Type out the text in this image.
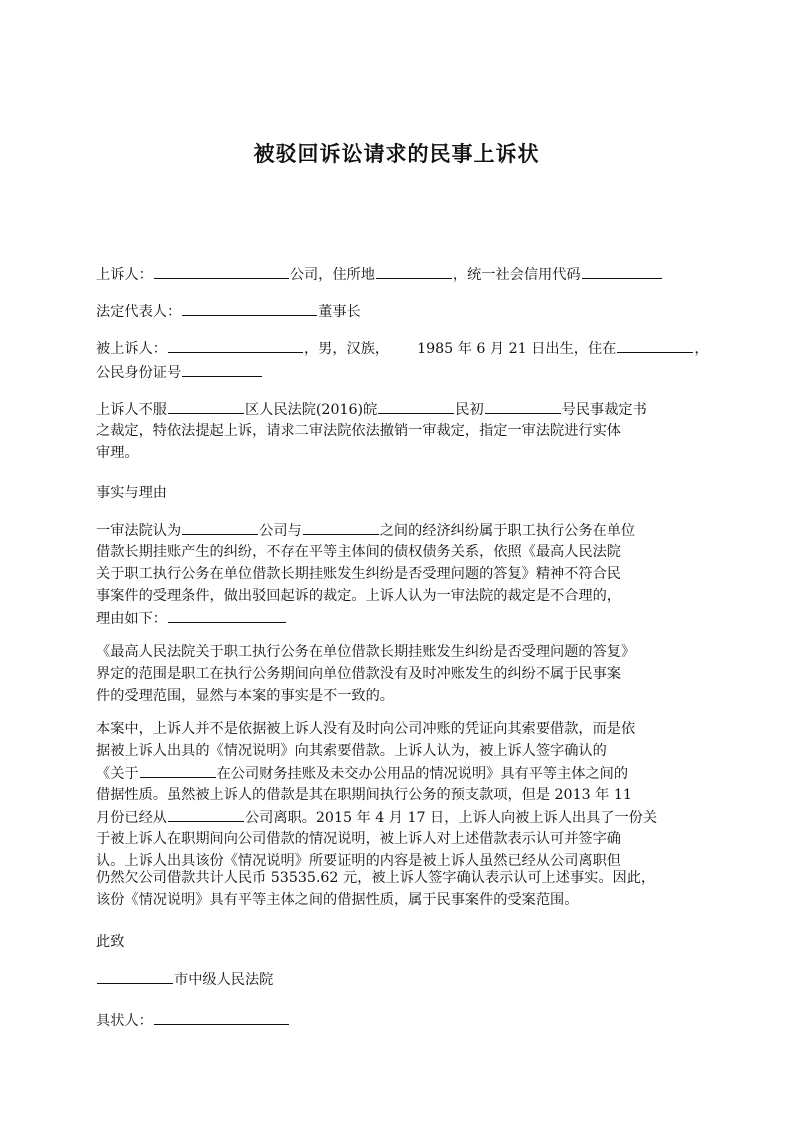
被驳回诉讼请求的民事上诉状
上诉人：	公司，住所地	，统一社会信用代码
法定代表人：	董事长
被上诉人：	，男，汉族， 1985 年 6 月 21 日出生，住在	，
公民身份证号
上诉人不服	区人民法院(2016)皖	民初	号民事裁定书
之裁定，特依法提起上诉，请求二审法院依法撤销一审裁定，指定一审法院进行实体
审理。
事实与理由
一审法院认为	公司与	之间的经济纠纷属于职工执行公务在单位
借款长期挂账产生的纠纷，不存在平等主体间的债权债务关系，依照《最高人民法院
关于职工执行公务在单位借款长期挂账发生纠纷是否受理问题的答复》精神不符合民
事案件的受理条件，做出驳回起诉的裁定。上诉人认为一审法院的裁定是不合理的，
理由如下：
《最高人民法院关于职工执行公务在单位借款长期挂账发生纠纷是否受理问题的答复》
界定的范围是职工在执行公务期间向单位借款没有及时冲账发生的纠纷不属于民事案
件的受理范围，显然与本案的事实是不一致的。
本案中，上诉人并不是依据被上诉人没有及时向公司冲账的凭证向其索要借款，而是依
据被上诉人出具的《情况说明》向其索要借款。上诉人认为，被上诉人签字确认的
《关于	在公司财务挂账及未交办公用品的情况说明》具有平等主体之间的
借据性质。虽然被上诉人的借款是其在职期间执行公务的预支款项，但是 2013 年 11
月份已经从	公司离职。2015 年 4 月 17 日，上诉人向被上诉人出具了一份关
于被上诉人在职期间向公司借款的情况说明，被上诉人对上述借款表示认可并签字确
认。上诉人出具该份《情况说明》所要证明的内容是被上诉人虽然已经从公司离职但
仍然欠公司借款共计人民币 53535.62 元，被上诉人签字确认表示认可上述事实。因此，
该份《情况说明》具有平等主体之间的借据性质，属于民事案件的受案范围。
此致
市中级人民法院
具状人：
